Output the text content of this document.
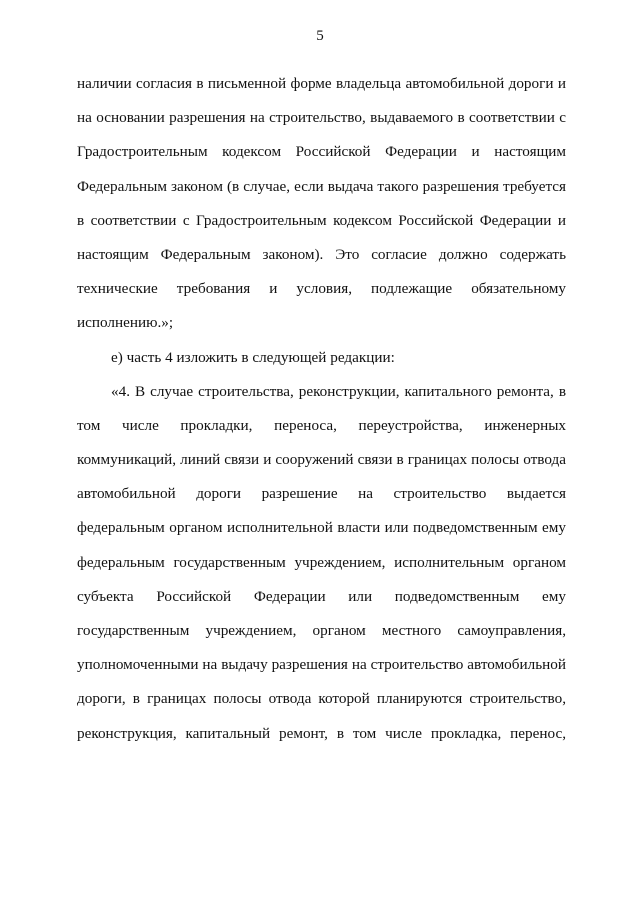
5
наличии согласия в письменной форме владельца автомобильной дороги и
на основании разрешения на строительство, выдаваемого в соответствии с
Градостроительным кодексом Российской Федерации и настоящим
Федеральным законом (в случае, если выдача такого разрешения требуется
в соответствии с Градостроительным кодексом Российской Федерации и
настоящим Федеральным законом). Это согласие должно содержать
технические требования и условия, подлежащие обязательному
исполнению.»;
е) часть 4 изложить в следующей редакции:
«4. В случае строительства, реконструкции, капитального ремонта, в
том числе прокладки, переноса, переустройства, инженерных
коммуникаций, линий связи и сооружений связи в границах полосы отвода
автомобильной дороги разрешение на строительство выдается
федеральным органом исполнительной власти или подведомственным ему
федеральным государственным учреждением, исполнительным органом
субъекта Российской Федерации или подведомственным ему
государственным учреждением, органом местного самоуправления,
уполномоченными на выдачу разрешения на строительство автомобильной
дороги, в границах полосы отвода которой планируются строительство,
реконструкция, капитальный ремонт, в том числе прокладка, перенос,
